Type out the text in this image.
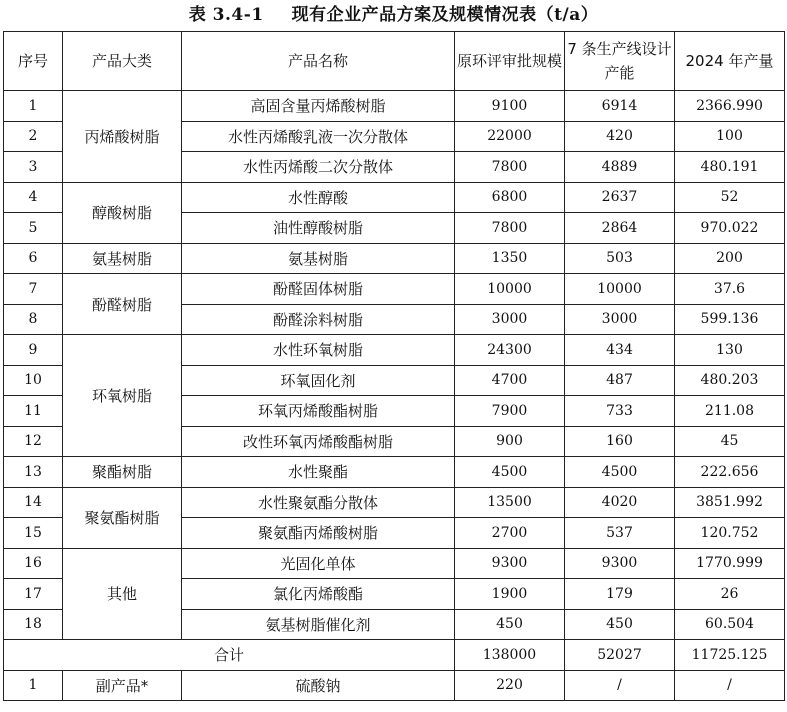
表 3.4-1 现有企业产品方案及规模情况表（t/a）
序号	产品大类	产品名称	原环评审批规模	7 条生产线设计产能	2024 年产量
1	丙烯酸树脂	高固含量丙烯酸树脂	9100	6914	2366.990
2		水性丙烯酸乳液一次分散体	22000	420	100
3		水性丙烯酸二次分散体	7800	4889	480.191
4	醇酸树脂	水性醇酸	6800	2637	52
5		油性醇酸树脂	7800	2864	970.022
6	氨基树脂	氨基树脂	1350	503	200
7	酚醛树脂	酚醛固体树脂	10000	10000	37.6
8		酚醛涂料树脂	3000	3000	599.136
9	环氧树脂	水性环氧树脂	24300	434	130
10		环氧固化剂	4700	487	480.203
11		环氧丙烯酸酯树脂	7900	733	211.08
12		改性环氧丙烯酸酯树脂	900	160	45
13	聚酯树脂	水性聚酯	4500	4500	222.656
14	聚氨酯树脂	水性聚氨酯分散体	13500	4020	3851.992
15		聚氨酯丙烯酸树脂	2700	537	120.752
16	其他	光固化单体	9300	9300	1770.999
17		氯化丙烯酸酯	1900	179	26
18		氨基树脂催化剂	450	450	60.504
合计			138000	52027	11725.125
1	副产品*	硫酸钠	220	/	/
